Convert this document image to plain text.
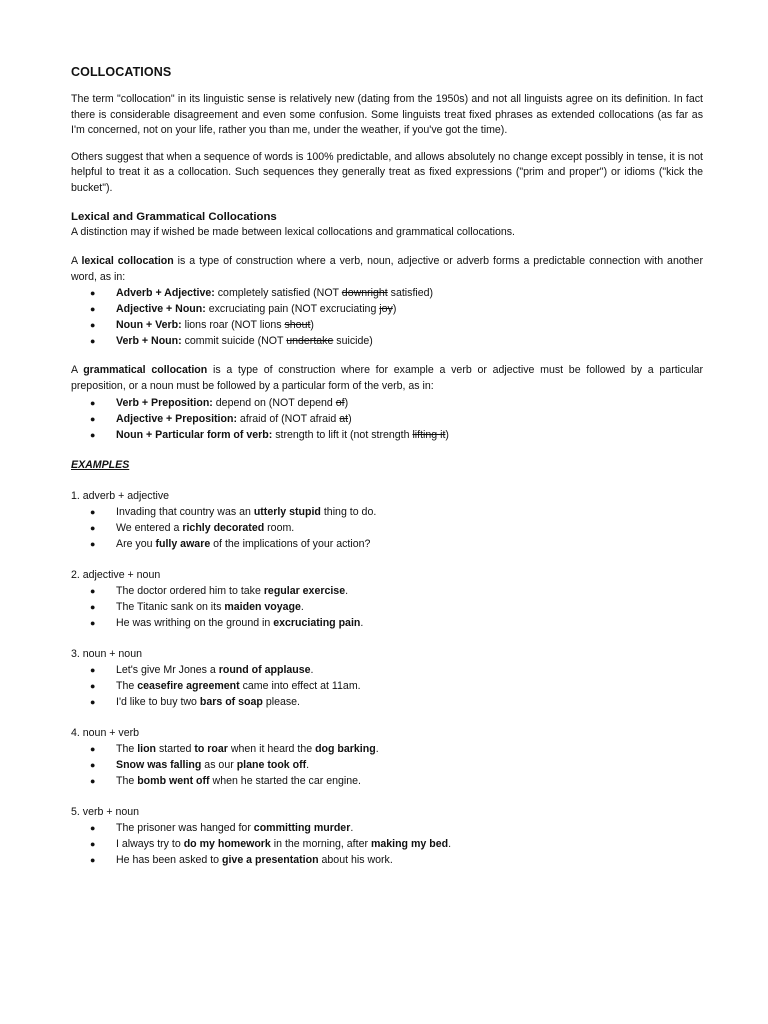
COLLOCATIONS

The term "collocation" in its linguistic sense is relatively new (dating from the 1950s) and not all linguists agree on its definition. In fact there is considerable disagreement and even some confusion. Some linguists treat fixed phrases as extended collocations (as far as I'm concerned, not on your life, rather you than me, under the weather, if you've got the time).

Others suggest that when a sequence of words is 100% predictable, and allows absolutely no change except possibly in tense, it is not helpful to treat it as a collocation. Such sequences they generally treat as fixed expressions ("prim and proper") or idioms ("kick the bucket").

Lexical and Grammatical Collocations

A distinction may if wished be made between lexical collocations and grammatical collocations.

A lexical collocation is a type of construction where a verb, noun, adjective or adverb forms a predictable connection with another word, as in:

● Adverb + Adjective: completely satisfied (NOT downright satisfied)
● Adjective + Noun: excruciating pain (NOT excruciating joy)
● Noun + Verb: lions roar (NOT lions shout)
● Verb + Noun: commit suicide (NOT undertake suicide)

A grammatical collocation is a type of construction where for example a verb or adjective must be followed by a particular preposition, or a noun must be followed by a particular form of the verb, as in:

● Verb + Preposition: depend on (NOT depend of)
● Adjective + Preposition: afraid of (NOT afraid at)
● Noun + Particular form of verb: strength to lift it (not strength lifting it)
EXAMPLES
1. adverb + adjective
● Invading that country was an utterly stupid thing to do.
● We entered a richly decorated room.
● Are you fully aware of the implications of your action?
2. adjective + noun
● The doctor ordered him to take regular exercise.
● The Titanic sank on its maiden voyage.
● He was writhing on the ground in excruciating pain.
3. noun + noun
● Let's give Mr Jones a round of applause.
● The ceasefire agreement came into effect at 11am.
● I'd like to buy two bars of soap please.
4. noun + verb
● The lion started to roar when it heard the dog barking.
● Snow was falling as our plane took off.
● The bomb went off when he started the car engine.
5. verb + noun
● The prisoner was hanged for committing murder.
● I always try to do my homework in the morning, after making my bed.
● He has been asked to give a presentation about his work.
